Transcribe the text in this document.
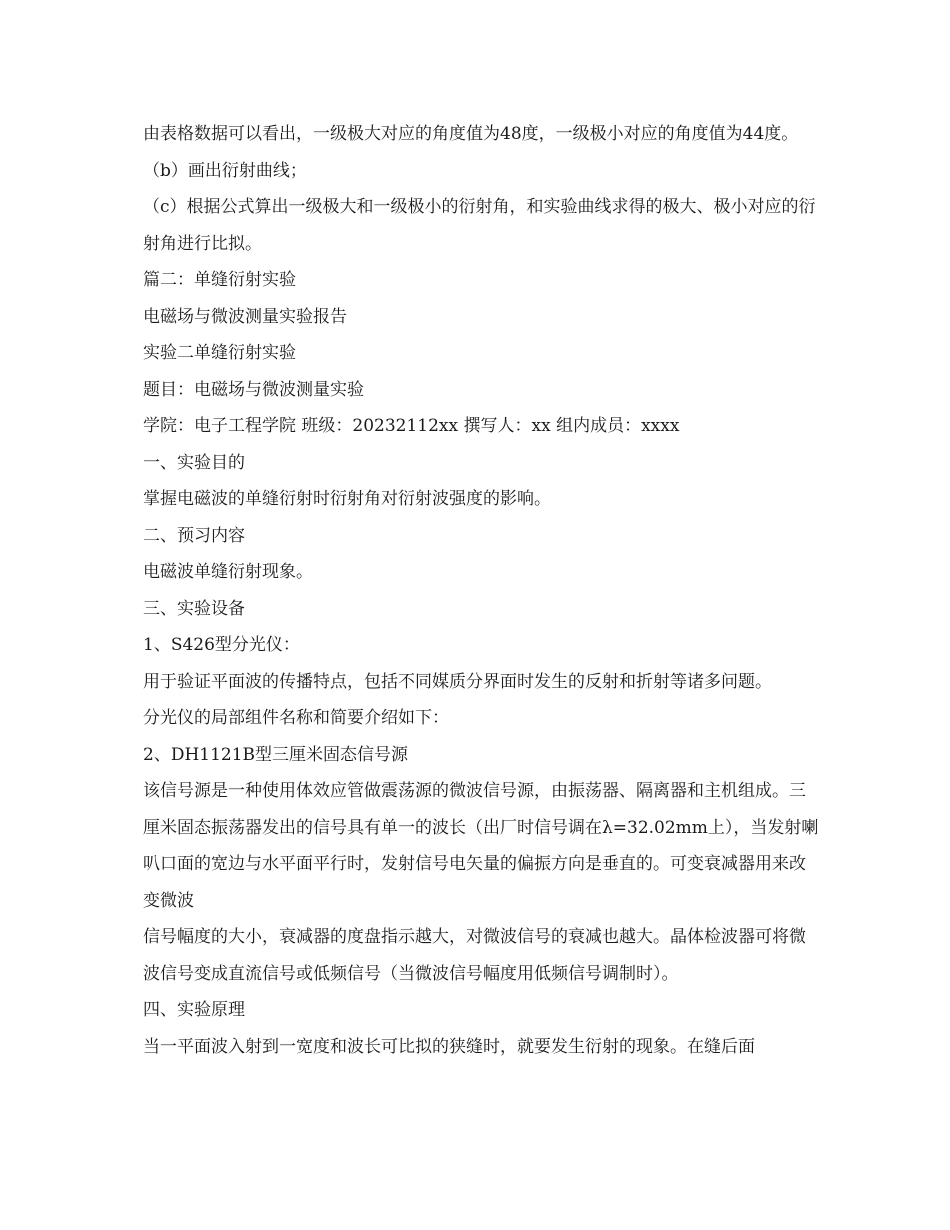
由表格数据可以看出，一级极大对应的角度值为48度，一级极小对应的角度值为44度。（b）画出衍射曲线；

（c）根据公式算出一级极大和一级极小的衍射角，和实验曲线求得的极大、极小对应的衍射角进行比拟。

篇二：单缝衍射实验

电磁场与微波测量实验报告

实验二单缝衍射实验

题目：电磁场与微波测量实验

学院：电子工程学院 班级：20232112xx 撰写人：xx 组内成员：xxxx

一、实验目的

掌握电磁波的单缝衍射时衍射角对衍射波强度的影响。

二、预习内容

电磁波单缝衍射现象。

三、实验设备

1、S426型分光仪：

用于验证平面波的传播特点，包括不同媒质分界面时发生的反射和折射等诸多问题。

分光仪的局部组件名称和简要介绍如下：

2、DH1121B型三厘米固态信号源

该信号源是一种使用体效应管做震荡源的微波信号源，由振荡器、隔离器和主机组成。三厘米固态振荡器发出的信号具有单一的波长（出厂时信号调在λ=32.02mm上），当发射喇叭口面的宽边与水平面平行时，发射信号电矢量的偏振方向是垂直的。可变衰减器用来改变微波

信号幅度的大小，衰减器的度盘指示越大，对微波信号的衰减也越大。晶体检波器可将微波信号变成直流信号或低频信号（当微波信号幅度用低频信号调制时）。

四、实验原理

当一平面波入射到一宽度和波长可比拟的狭缝时，就要发生衍射的现象。在缝后面
